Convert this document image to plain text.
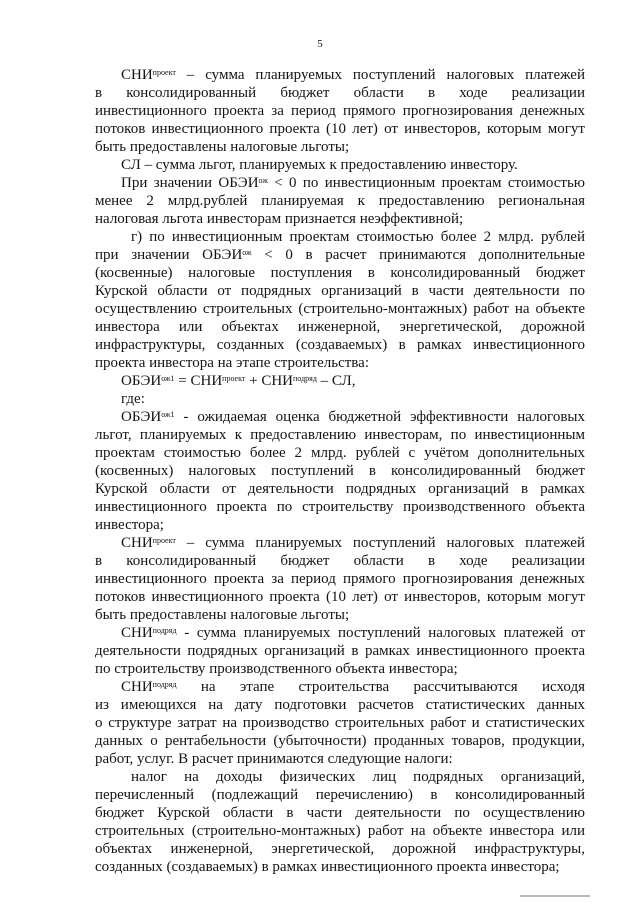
5
$СНИ^{проект}$ – сумма планируемых поступлений налоговых платежей
в консолидированный бюджет области в ходе реализации
инвестиционного проекта за период прямого прогнозирования денежных
потоков инвестиционного проекта (10 лет) от инвесторов, которым могут
быть предоставлены налоговые льготы;
СЛ – сумма льгот, планируемых к предоставлению инвестору.
При значении $ОБЭИ^{ож} < 0$ по инвестиционным проектам стоимостью
менее 2 млрд.рублей планируемая к предоставлению региональная
налоговая льгота инвесторам признается неэффективной;
г) по инвестиционным проектам стоимостью более 2 млрд. рублей
при значении $ОБЭИ^{ож} < 0$ в расчет принимаются дополнительные
(косвенные) налоговые поступления в консолидированный бюджет
Курской области от подрядных организаций в части деятельности по
осуществлению строительных (строительно-монтажных) работ на объекте
инвестора или объектах инженерной, энергетической, дорожной
инфраструктуры, созданных (создаваемых) в рамках инвестиционного
проекта инвестора на этапе строительства:
$ОБЭИ^{ож1} = СНИ^{проект} + СНИ^{подряд}$ – СЛ,
где:
$ОБЭИ^{ож1}$ - ожидаемая оценка бюджетной эффективности налоговых
льгот, планируемых к предоставлению инвесторам, по инвестиционным
проектам стоимостью более 2 млрд. рублей с учётом дополнительных
(косвенных) налоговых поступлений в консолидированный бюджет
Курской области от деятельности подрядных организаций в рамках
инвестиционного проекта по строительству производственного объекта
инвестора;
$СНИ^{проект}$ – сумма планируемых поступлений налоговых платежей
в консолидированный бюджет области в ходе реализации
инвестиционного проекта за период прямого прогнозирования денежных
потоков инвестиционного проекта (10 лет) от инвесторов, которым могут
быть предоставлены налоговые льготы;
$СНИ^{подряд}$ - сумма планируемых поступлений налоговых платежей от
деятельности подрядных организаций в рамках инвестиционного проекта
по строительству производственного объекта инвестора;
$СНИ^{подряд}$ на этапе строительства рассчитываются исходя
из имеющихся на дату подготовки расчетов статистических данных
о структуре затрат на производство строительных работ и статистических
данных о рентабельности (убыточности) проданных товаров, продукции,
работ, услуг. В расчет принимаются следующие налоги:
налог на доходы физических лиц подрядных организаций,
перечисленный (подлежащий перечислению) в консолидированный
бюджет Курской области в части деятельности по осуществлению
строительных (строительно-монтажных) работ на объекте инвестора или
объектах инженерной, энергетической, дорожной инфраструктуры,
созданных (создаваемых) в рамках инвестиционного проекта инвестора;
